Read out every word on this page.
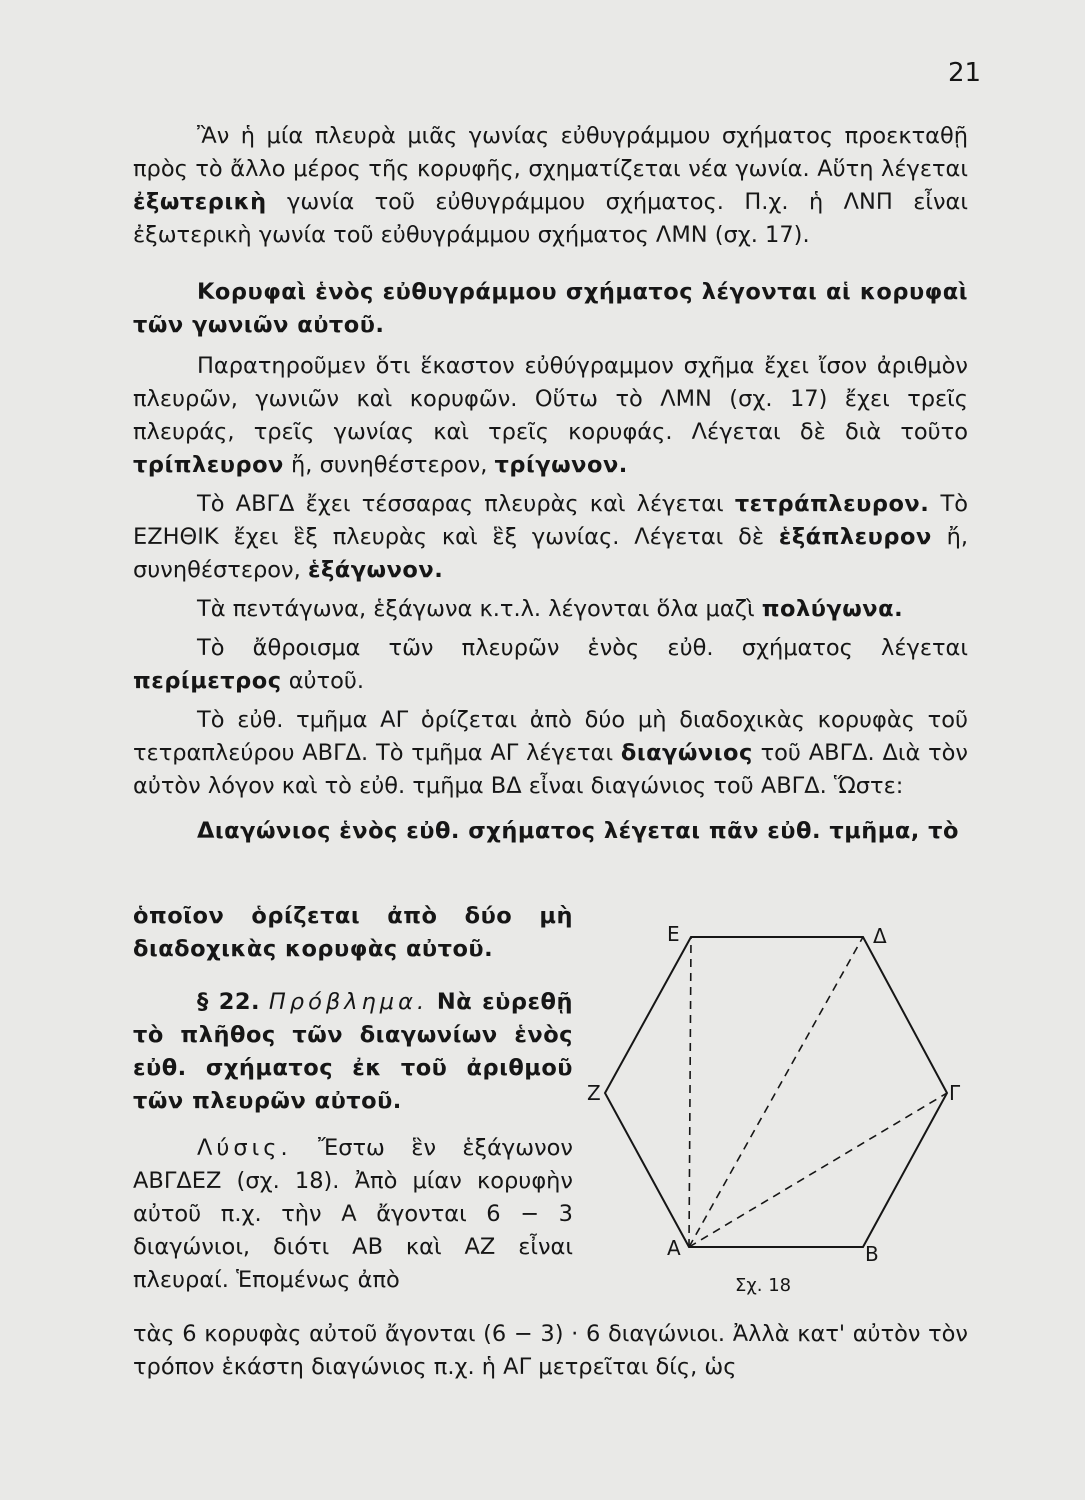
21

Ἂν ἡ μία πλευρὰ μιᾶς γωνίας εὐθυγράμμου σχήματος προεκταθῇ πρὸς τὸ ἄλλο μέρος τῆς κορυφῆς, σχηματίζεται νέα γωνία. Αὕτη λέγεται ἐξωτερικὴ γωνία τοῦ εὐθυγράμμου σχήματος. Π.χ. ἡ ΛΝΠ εἶναι ἐξωτερικὴ γωνία τοῦ εὐθυγράμμου σχήματος ΛΜΝ (σχ. 17).

Κορυφαὶ ἑνὸς εὐθυγράμμου σχήματος λέγονται αἱ κορυφαὶ τῶν γωνιῶν αὐτοῦ.

Παρατηροῦμεν ὅτι ἕκαστον εὐθύγραμμον σχῆμα ἔχει ἴσον ἀριθμὸν πλευρῶν, γωνιῶν καὶ κορυφῶν. Οὕτω τὸ ΛΜΝ (σχ. 17) ἔχει τρεῖς πλευράς, τρεῖς γωνίας καὶ τρεῖς κορυφάς. Λέγεται δὲ διὰ τοῦτο τρίπλευρον ἤ, συνηθέστερον, τρίγωνον.

Τὸ ΑΒΓΔ ἔχει τέσσαρας πλευρὰς καὶ λέγεται τετράπλευρον. Τὸ ΕΖΗΘΙΚ ἔχει ἓξ πλευρὰς καὶ ἓξ γωνίας. Λέγεται δὲ ἑξάπλευρον ἤ, συνηθέστερον, ἑξάγωνον.

Τὰ πεντάγωνα, ἑξάγωνα κ.τ.λ. λέγονται ὅλα μαζὶ πολύγωνα.

Τὸ ἄθροισμα τῶν πλευρῶν ἑνὸς εὐθ. σχήματος λέγεται περίμετρος αὐτοῦ.

Τὸ εὐθ. τμῆμα ΑΓ ὁρίζεται ἀπὸ δύο μὴ διαδοχικὰς κορυφὰς τοῦ τετραπλεύρου ΑΒΓΔ. Τὸ τμῆμα ΑΓ λέγεται διαγώνιος τοῦ ΑΒΓΔ. Διὰ τὸν αὐτὸν λόγον καὶ τὸ εὐθ. τμῆμα ΒΔ εἶναι διαγώνιος τοῦ ΑΒΓΔ. Ὥστε:

Διαγώνιος ἑνὸς εὐθ. σχήματος λέγεται πᾶν εὐθ. τμῆμα, τὸ

ὁποῖον ὁρίζεται ἀπὸ δύο μὴ διαδοχικὰς κορυφὰς αὐτοῦ.

§ 22. Πρόβλημα. Νὰ εὑρεθῇ τὸ πλῆθος τῶν διαγωνίων ἑνὸς εὐθ. σχήματος ἐκ τοῦ ἀριθμοῦ τῶν πλευρῶν αὐτοῦ.

Λύσις. Ἔστω ἓν ἑξάγωνον ΑΒΓΔΕΖ (σχ. 18). Ἀπὸ μίαν κορυφὴν αὐτοῦ π.χ. τὴν Α ἄγονται 6 − 3 διαγώνιοι, διότι ΑΒ καὶ ΑΖ εἶναι πλευραί. Ἑπομένως ἀπὸ

τὰς 6 κορυφὰς αὐτοῦ ἄγονται (6 − 3) · 6 διαγώνιοι. Ἀλλὰ κατ' αὐτὸν τὸν τρόπον ἑκάστη διαγώνιος π.χ. ἡ ΑΓ μετρεῖται δίς, ὡς

Ε	Δ
Ζ	Γ
Α	Β
Σχ. 18
